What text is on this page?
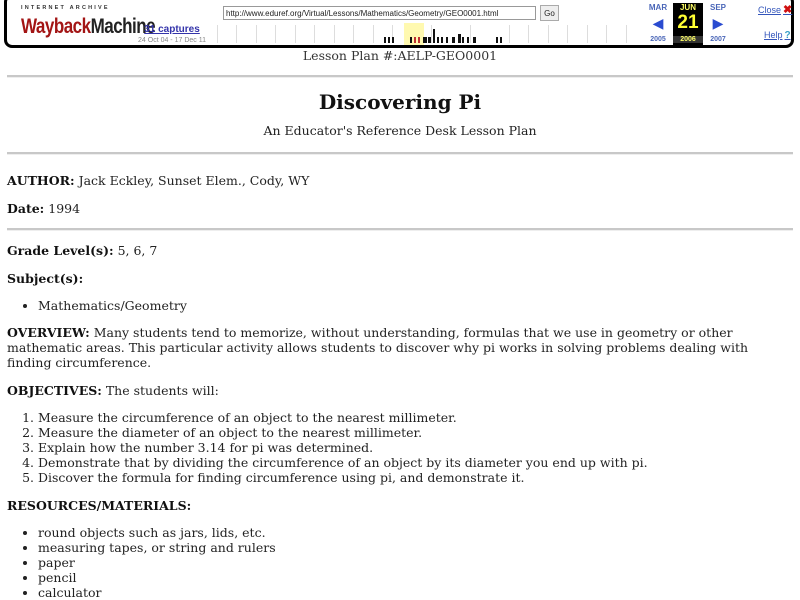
INTERNET ARCHIVE
WaybackMachine
31 captures
24 Oct 04 - 17 Dec 11
http://www.eduref.org/Virtual/Lessons/Mathematics/Geometry/GEO0001.html
Go
MAR
◀
2005
JUN
21
2006
SEP
▶
2007
Close ✖
Help ?
Lesson Plan #:AELP-GEO0001
Discovering Pi
An Educator's Reference Desk Lesson Plan

AUTHOR: Jack Eckley, Sunset Elem., Cody, WY

Date: 1994

Grade Level(s): 5, 6, 7

Subject(s):

• Mathematics/Geometry

OVERVIEW: Many students tend to memorize, without understanding, formulas that we use in geometry or other mathematic areas. This particular activity allows students to discover why pi works in solving problems dealing with finding circumference.

OBJECTIVES: The students will:

1. Measure the circumference of an object to the nearest millimeter.
2. Measure the diameter of an object to the nearest millimeter.
3. Explain how the number 3.14 for pi was determined.
4. Demonstrate that by dividing the circumference of an object by its diameter you end up with pi.
5. Discover the formula for finding circumference using pi, and demonstrate it.

RESOURCES/MATERIALS:

• round objects such as jars, lids, etc.
• measuring tapes, or string and rulers
• paper
• pencil
• calculator
